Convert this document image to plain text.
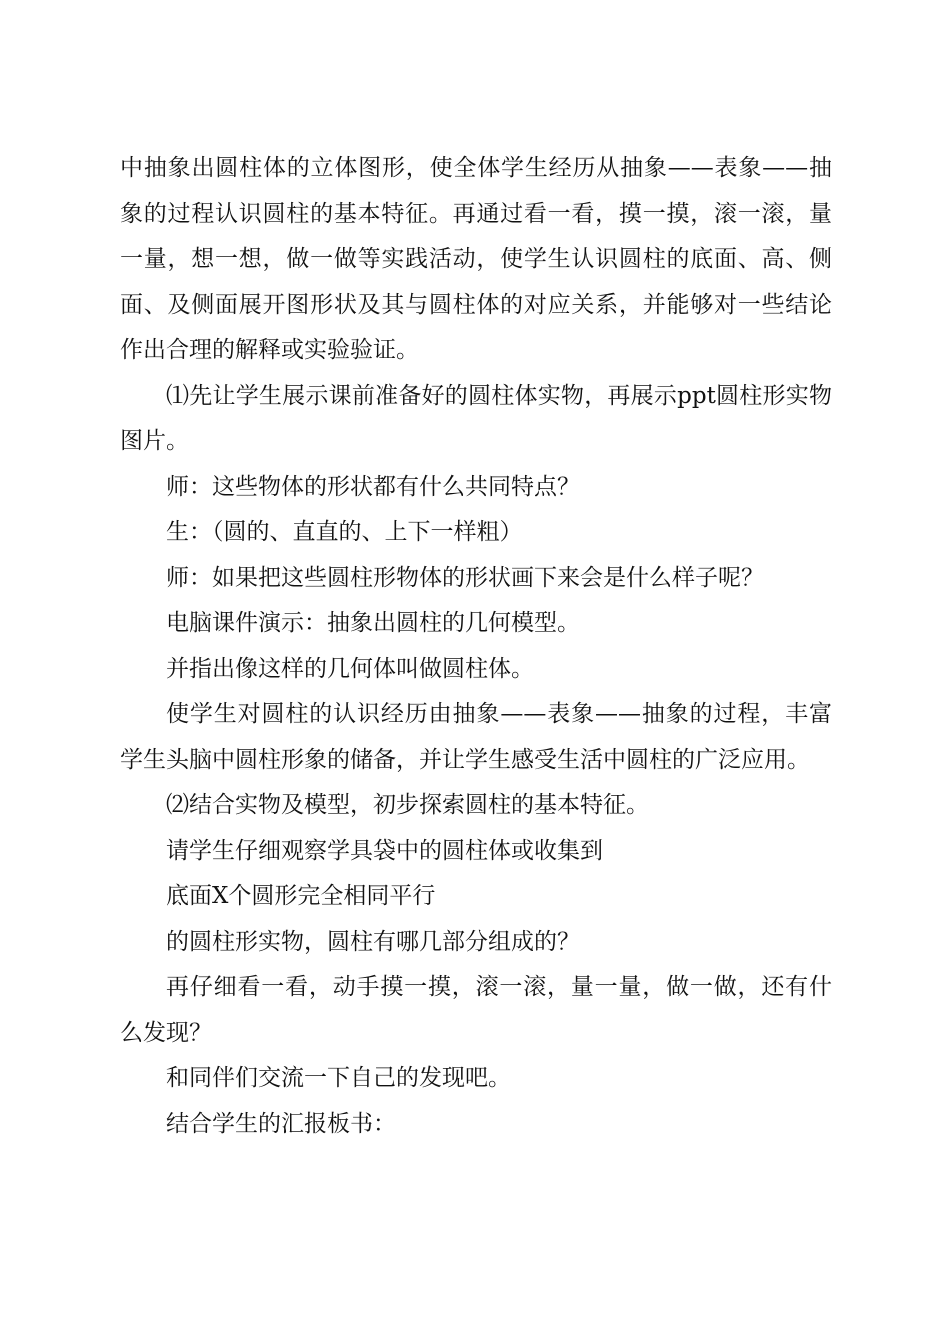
中抽象出圆柱体的立体图形，使全体学生经历从抽象——表象——抽象的过程认识圆柱的基本特征。再通过看一看，摸一摸，滚一滚，量一量，想一想，做一做等实践活动，使学生认识圆柱的底面、高、侧面、及侧面展开图形状及其与圆柱体的对应关系，并能够对一些结论作出合理的解释或实验验证。

⑴先让学生展示课前准备好的圆柱体实物，再展示ppt圆柱形实物图片。

师：这些物体的形状都有什么共同特点？

生：（圆的、直直的、上下一样粗）

师：如果把这些圆柱形物体的形状画下来会是什么样子呢？

电脑课件演示：抽象出圆柱的几何模型。

并指出像这样的几何体叫做圆柱体。

使学生对圆柱的认识经历由抽象——表象——抽象的过程，丰富学生头脑中圆柱形象的储备，并让学生感受生活中圆柱的广泛应用。

⑵结合实物及模型，初步探索圆柱的基本特征。

请学生仔细观察学具袋中的圆柱体或收集到

底面X个圆形完全相同平行

的圆柱形实物，圆柱有哪几部分组成的？

再仔细看一看，动手摸一摸，滚一滚，量一量，做一做，还有什么发现？

和同伴们交流一下自己的发现吧。

结合学生的汇报板书：
